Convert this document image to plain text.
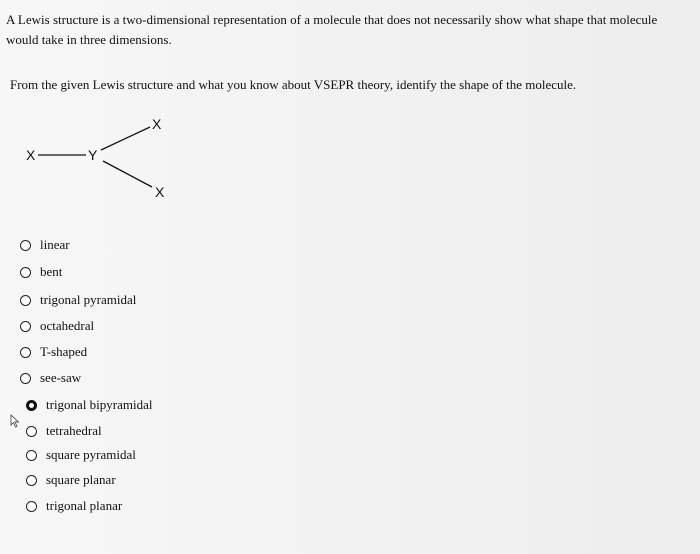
A Lewis structure is a two-dimensional representation of a molecule that does not necessarily show what shape that molecule
would take in three dimensions.
From the given Lewis structure and what you know about VSEPR theory, identify the shape of the molecule.
X	Y
X
X
linear
bent
trigonal pyramidal
octahedral
T-shaped
see-saw
trigonal bipyramidal
tetrahedral
square pyramidal
square planar
trigonal planar
